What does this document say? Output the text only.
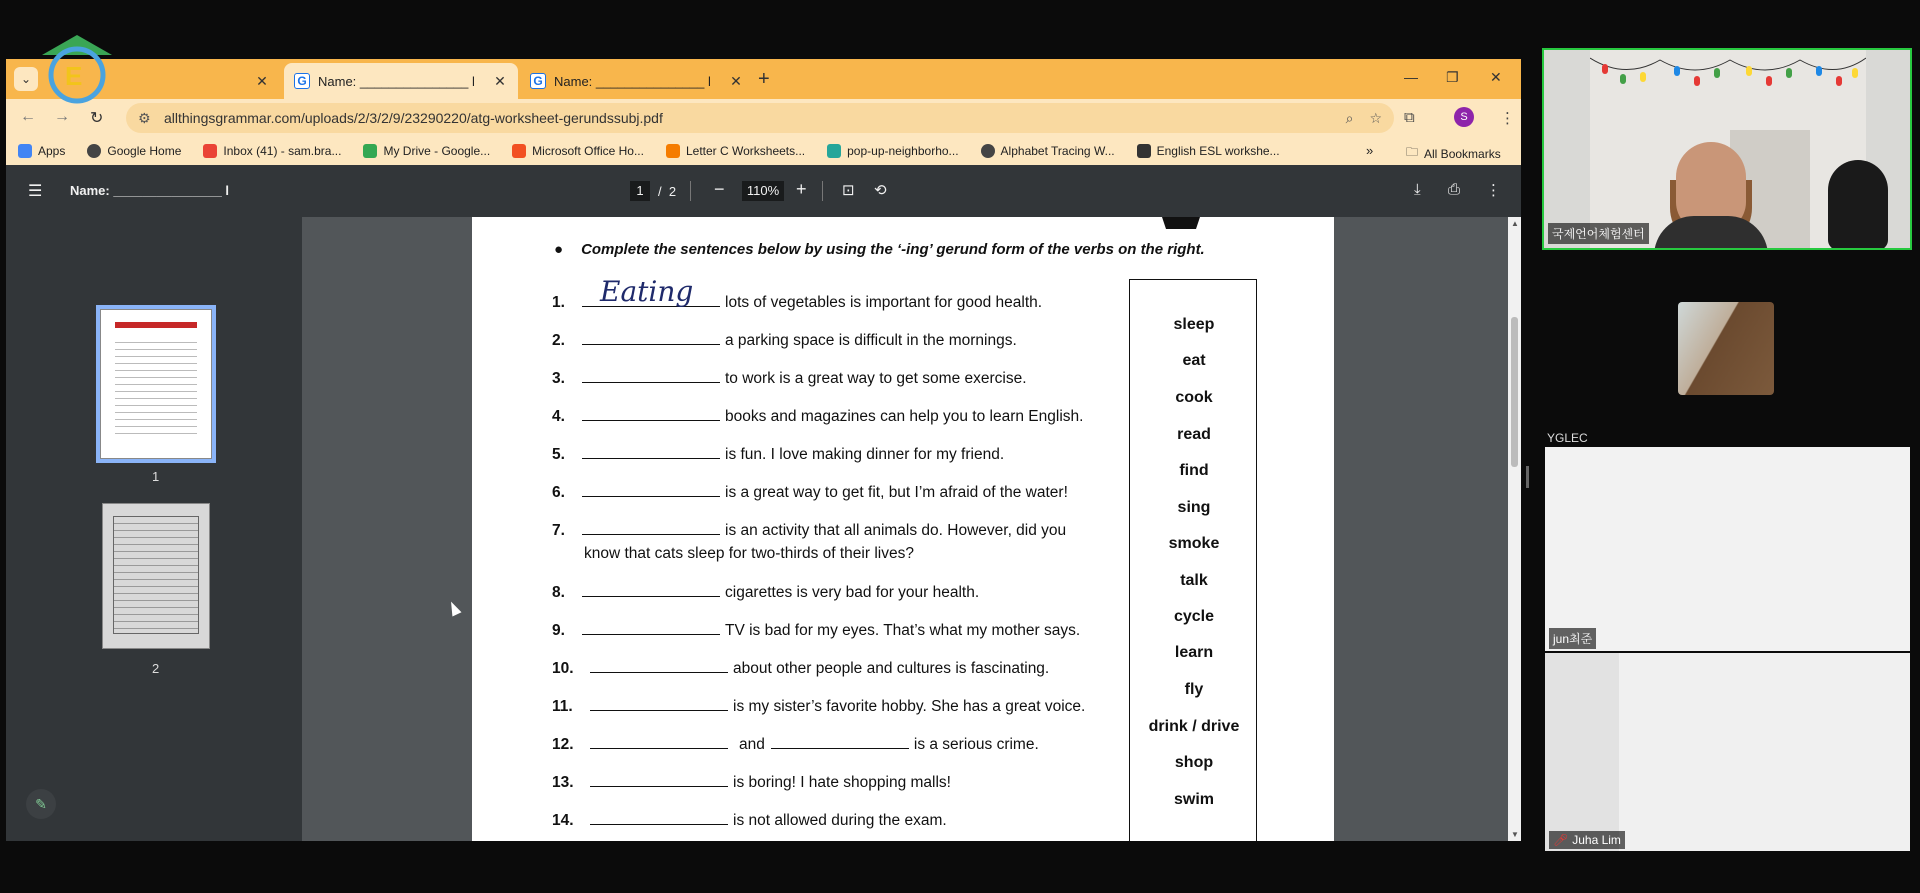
E
⌄	✕ G Name: _______________ l	✕ G Name: _______________ l	✕ +	— ❐ ✕
← → ↻ ⚙ allthingsgrammar.com/uploads/2/3/2/9/23290220/atg-worksheet-gerundssubj.pdf	⌕ ☆ ⧉	⋮
S
Apps	Google Home	Inbox (41) - sam.bra...	My Drive - Google...	Microsoft Office Ho...	Letter C Worksheets...	pop-up-neighborho...	Alphabet Tracing W...	English ESL workshe...	»	🗀 All Bookmarks
☰ Name: _______________ l	1	/ 2 −	110% + ⊡ ⟲	⤓ ⎙ ⋮
1
2
✎
● Complete the sentences below by using the ‘-ing’ gerund form of the verbs on the right.
1.	Eating lots of vegetables is important for good health.
2.	a parking space is difficult in the mornings.
3.	to work is a great way to get some exercise.
4.	books and magazines can help you to learn English.
5.	is fun. I love making dinner for my friend.
6.	is a great way to get fit, but I’m afraid of the water!
7.	is an activity that all animals do. However, did you
know that cats sleep for two-thirds of their lives?
8.	cigarettes is very bad for your health.
9.	TV is bad for my eyes. That’s what my mother says.
10.	about other people and cultures is fascinating.
11.	is my sister’s favorite hobby. She has a great voice.
12.	and	is a serious crime.
13.	is boring! I hate shopping malls!
14.	is not allowed during the exam.
sleep
eat
cook
read
find
sing
smoke
talk
cycle
learn
fly
drink / drive
shop
swim
▲
▼
국제언어체험센터
YGLEC
jun최준
🎤︎ Juha Lim
